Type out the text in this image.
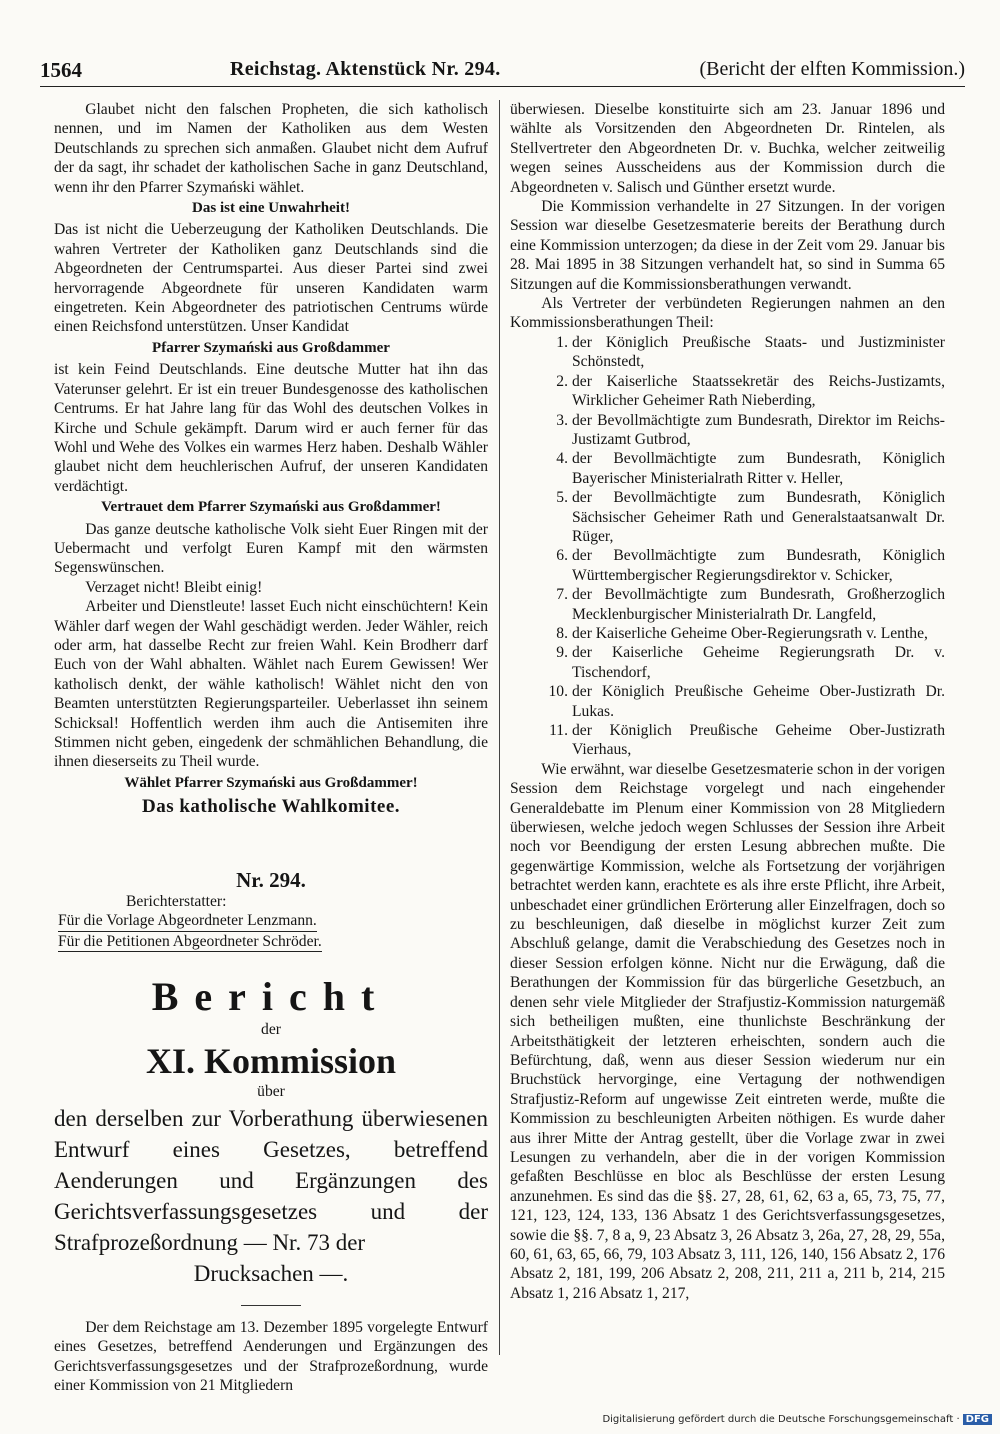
1564	Reichstag. Aktenstück Nr. 294.	(Bericht der elften Kommission.)

Glaubet nicht den falschen Propheten, die sich katholisch nennen, und im Namen der Katholiken aus dem Westen Deutschlands zu sprechen sich anmaßen. Glaubet nicht dem Aufruf der da sagt, ihr schadet der katholischen Sache in ganz Deutschland, wenn ihr den Pfarrer Szymański wählet.

Das ist eine Unwahrheit!

Das ist nicht die Ueberzeugung der Katholiken Deutschlands. Die wahren Vertreter der Katholiken ganz Deutschlands sind die Abgeordneten der Centrumspartei. Aus dieser Partei sind zwei hervorragende Abgeordnete für unseren Kandidaten warm eingetreten. Kein Abgeordneter des patriotischen Centrums würde einen Reichsfond unterstützen. Unser Kandidat

Pfarrer Szymański aus Großdammer

ist kein Feind Deutschlands. Eine deutsche Mutter hat ihn das Vaterunser gelehrt. Er ist ein treuer Bundesgenosse des katholischen Centrums. Er hat Jahre lang für das Wohl des deutschen Volkes in Kirche und Schule gekämpft. Darum wird er auch ferner für das Wohl und Wehe des Volkes ein warmes Herz haben. Deshalb Wähler glaubet nicht dem heuchlerischen Aufruf, der unseren Kandidaten verdächtigt.

Vertrauet dem Pfarrer Szymański aus Großdammer!

Das ganze deutsche katholische Volk sieht Euer Ringen mit der Uebermacht und verfolgt Euren Kampf mit den wärmsten Segenswünschen.

Verzaget nicht! Bleibt einig!

Arbeiter und Dienstleute! lasset Euch nicht einschüchtern! Kein Wähler darf wegen der Wahl geschädigt werden. Jeder Wähler, reich oder arm, hat dasselbe Recht zur freien Wahl. Kein Brodherr darf Euch von der Wahl abhalten. Wählet nach Eurem Gewissen! Wer katholisch denkt, der wähle katholisch! Wählet nicht den von Beamten unterstützten Regierungsparteiler. Ueberlasset ihn seinem Schicksal! Hoffentlich werden ihm auch die Antisemiten ihre Stimmen nicht geben, eingedenk der schmählichen Behandlung, die ihnen dieserseits zu Theil wurde.

Wählet Pfarrer Szymański aus Großdammer!

Das katholische Wahlkomitee.

Nr. 294.

Berichterstatter:

Für die Vorlage Abgeordneter Lenzmann.
Für die Petitionen Abgeordneter Schröder.

Bericht

der

XI. Kommission

über

den derselben zur Vorberathung überwiesenen Entwurf eines Gesetzes, betreffend Aenderungen und Ergänzungen des Gerichtsverfassungsgesetzes und der Strafprozeßordnung — Nr. 73 der

Drucksachen —.

Der dem Reichstage am 13. Dezember 1895 vorgelegte Entwurf eines Gesetzes, betreffend Aenderungen und Ergänzungen des Gerichtsverfassungsgesetzes und der Strafprozeßordnung, wurde einer Kommission von 21 Mitgliedern

überwiesen. Dieselbe konstituirte sich am 23. Januar 1896 und wählte als Vorsitzenden den Abgeordneten Dr. Rintelen, als Stellvertreter den Abgeordneten Dr. v. Buchka, welcher zeitweilig wegen seines Ausscheidens aus der Kommission durch die Abgeordneten v. Salisch und Günther ersetzt wurde.

Die Kommission verhandelte in 27 Sitzungen. In der vorigen Session war dieselbe Gesetzesmaterie bereits der Berathung durch eine Kommission unterzogen; da diese in der Zeit vom 29. Januar bis 28. Mai 1895 in 38 Sitzungen verhandelt hat, so sind in Summa 65 Sitzungen auf die Kommissionsberathungen verwandt.

Als Vertreter der verbündeten Regierungen nahmen an den Kommissionsberathungen Theil:

1. der Königlich Preußische Staats- und Justizminister Schönstedt,
2. der Kaiserliche Staatssekretär des Reichs-Justizamts, Wirklicher Geheimer Rath Nieberding,
3. der Bevollmächtigte zum Bundesrath, Direktor im Reichs-Justizamt Gutbrod,
4. der Bevollmächtigte zum Bundesrath, Königlich Bayerischer Ministerialrath Ritter v. Heller,
5. der Bevollmächtigte zum Bundesrath, Königlich Sächsischer Geheimer Rath und Generalstaatsanwalt Dr. Rüger,
6. der Bevollmächtigte zum Bundesrath, Königlich Württembergischer Regierungsdirektor v. Schicker,
7. der Bevollmächtigte zum Bundesrath, Großherzoglich Mecklenburgischer Ministerialrath Dr. Langfeld,
8. der Kaiserliche Geheime Ober-Regierungsrath v. Lenthe,
9. der Kaiserliche Geheime Regierungsrath Dr. v. Tischendorf,
10. der Königlich Preußische Geheime Ober-Justizrath Dr. Lukas.
11. der Königlich Preußische Geheime Ober-Justizrath Vierhaus,

Wie erwähnt, war dieselbe Gesetzesmaterie schon in der vorigen Session dem Reichstage vorgelegt und nach eingehender Generaldebatte im Plenum einer Kommission von 28 Mitgliedern überwiesen, welche jedoch wegen Schlusses der Session ihre Arbeit noch vor Beendigung der ersten Lesung abbrechen mußte. Die gegenwärtige Kommission, welche als Fortsetzung der vorjährigen betrachtet werden kann, erachtete es als ihre erste Pflicht, ihre Arbeit, unbeschadet einer gründlichen Erörterung aller Einzelfragen, doch so zu beschleunigen, daß dieselbe in möglichst kurzer Zeit zum Abschluß gelange, damit die Verabschiedung des Gesetzes noch in dieser Session erfolgen könne. Nicht nur die Erwägung, daß die Berathungen der Kommission für das bürgerliche Gesetzbuch, an denen sehr viele Mitglieder der Strafjustiz-Kommission naturgemäß sich betheiligen mußten, eine thunlichste Beschränkung der Arbeitsthätigkeit der letzteren erheischten, sondern auch die Befürchtung, daß, wenn aus dieser Session wiederum nur ein Bruchstück hervorginge, eine Vertagung der nothwendigen Strafjustiz-Reform auf ungewisse Zeit eintreten werde, mußte die Kommission zu beschleunigten Arbeiten nöthigen. Es wurde daher aus ihrer Mitte der Antrag gestellt, über die Vorlage zwar in zwei Lesungen zu verhandeln, aber die in der vorigen Kommission gefaßten Beschlüsse en bloc als Beschlüsse der ersten Lesung anzunehmen. Es sind das die §§. 27, 28, 61, 62, 63 a, 65, 73, 75, 77, 121, 123, 124, 133, 136 Absatz 1 des Gerichtsverfassungsgesetzes, sowie die §§. 7, 8 a, 9, 23 Absatz 3, 26 Absatz 3, 26a, 27, 28, 29, 55a, 60, 61, 63, 65, 66, 79, 103 Absatz 3, 111, 126, 140, 156 Absatz 2, 176 Absatz 2, 181, 199, 206 Absatz 2, 208, 211, 211 a, 211 b, 214, 215 Absatz 1, 216 Absatz 1, 217,

Digitalisierung gefördert durch die Deutsche Forschungsgemeinschaft · DFG
